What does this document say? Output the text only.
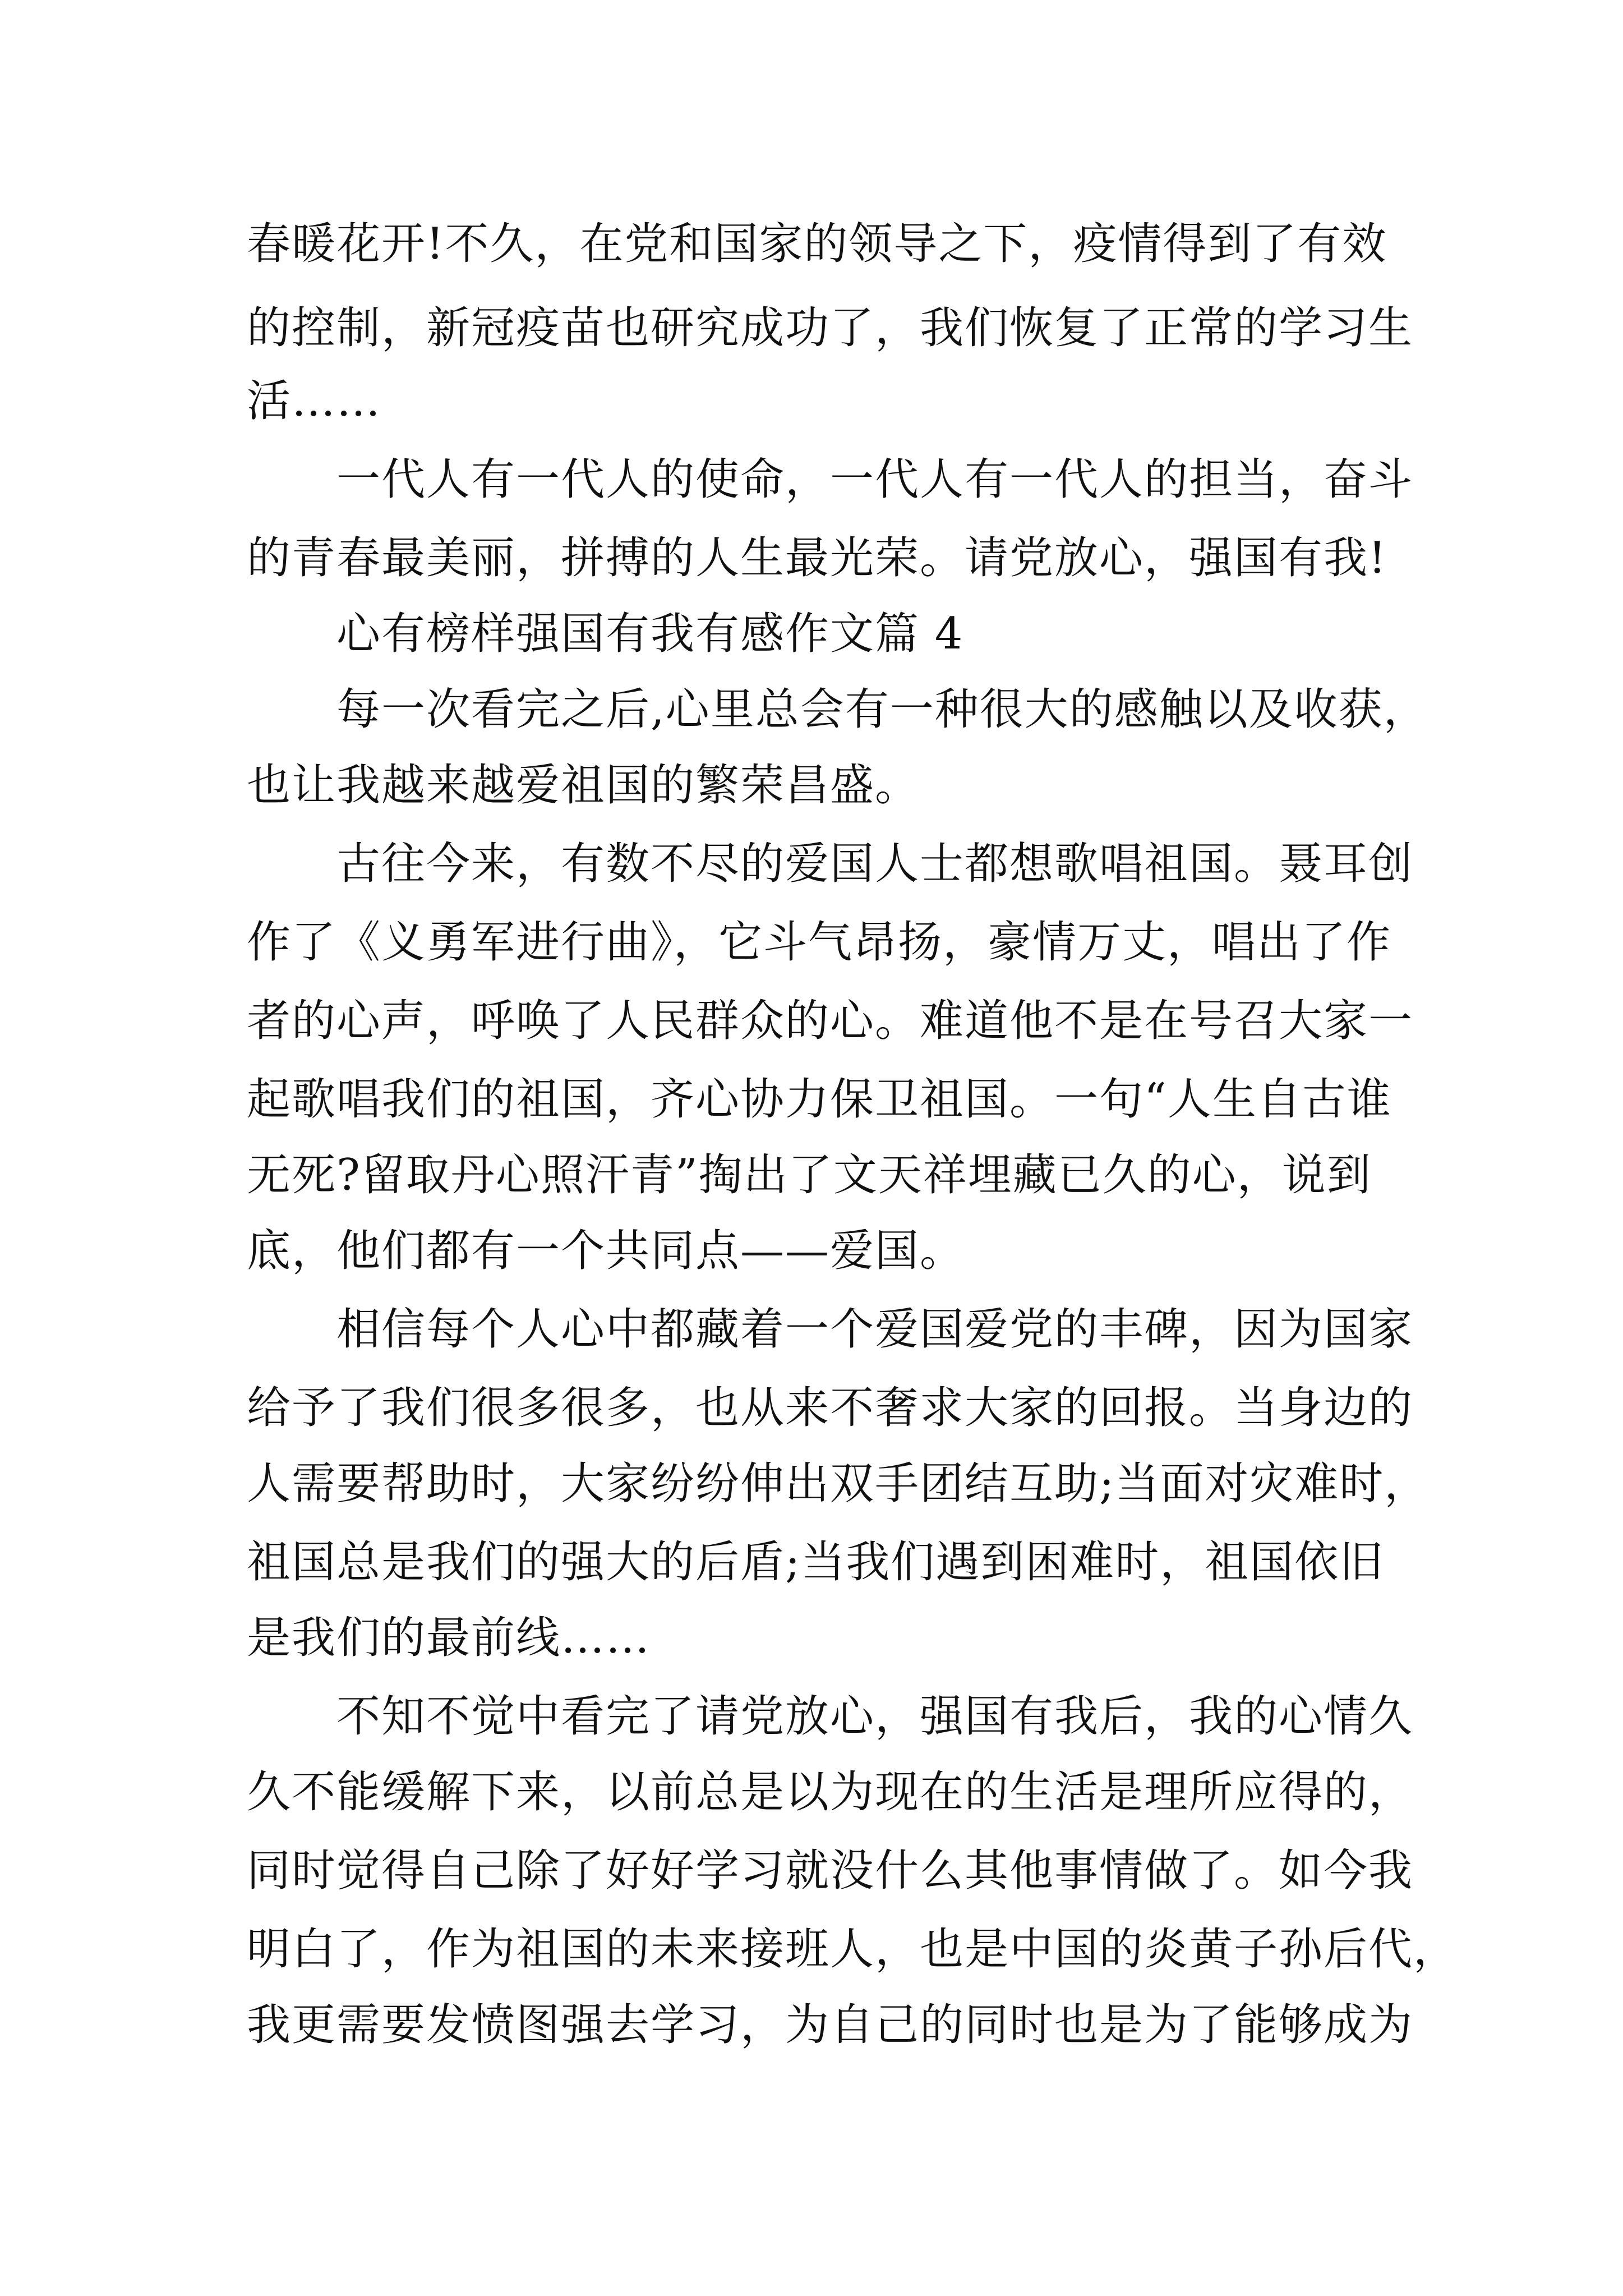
春暖花开!不久，在党和国家的领导之下，疫情得到了有效
的控制，新冠疫苗也研究成功了，我们恢复了正常的学习生
活……
一代人有一代人的使命，一代人有一代人的担当，奋斗
的青春最美丽，拼搏的人生最光荣。请党放心，强国有我!
心有榜样强国有我有感作文篇 4
每一次看完之后,心里总会有一种很大的感触以及收获，
也让我越来越爱祖国的繁荣昌盛。
古往今来，有数不尽的爱国人士都想歌唱祖国。聂耳创
作了《义勇军进行曲》，它斗气昂扬，豪情万丈，唱出了作
者的心声，呼唤了人民群众的心。难道他不是在号召大家一
起歌唱我们的祖国，齐心协力保卫祖国。一句“人生自古谁
无死?留取丹心照汗青”掏出了文天祥埋藏已久的心，说到
底，他们都有一个共同点——爱国。
相信每个人心中都藏着一个爱国爱党的丰碑，因为国家
给予了我们很多很多，也从来不奢求大家的回报。当身边的
人需要帮助时，大家纷纷伸出双手团结互助;当面对灾难时，
祖国总是我们的强大的后盾;当我们遇到困难时，祖国依旧
是我们的最前线……
不知不觉中看完了请党放心，强国有我后，我的心情久
久不能缓解下来，以前总是以为现在的生活是理所应得的，
同时觉得自己除了好好学习就没什么其他事情做了。如今我
明白了，作为祖国的未来接班人，也是中国的炎黄子孙后代，
我更需要发愤图强去学习，为自己的同时也是为了能够成为
